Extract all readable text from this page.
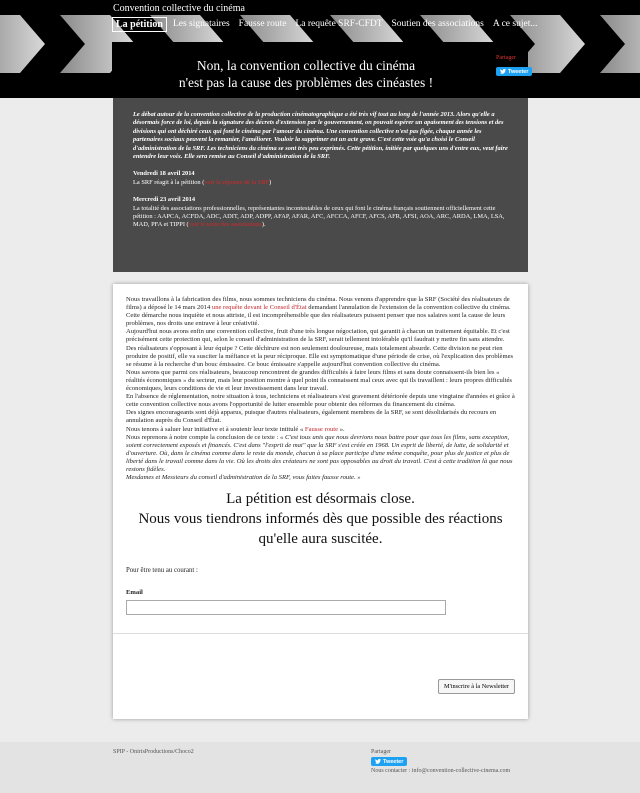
Convention collective du cinéma
La pétition	Les signataires Fausse route La requête SRF-CFDT Soutien des associations A ce sujet...
Non, la convention collective du cinéma
n'est pas la cause des problèmes des cinéastes !
Partager
Tweeter

Le débat autour de la convention collective de la production cinématographique a été très vif tout au long de l'année 2013. Alors qu'elle a désormais force de loi, depuis la signature des décrets d'extension par le gouvernement, on pouvait espérer un apaisement des tensions et des divisions qui ont déchiré ceux qui font le cinéma par l'amour du cinéma. Une convention collective n'est pas figée, chaque année les partenaires sociaux peuvent la remanier, l'améliorer. Vouloir la supprimer est un acte grave. C'est cette voie qu'a choisi le Conseil d'administration de la SRF. Les techniciens du cinéma se sont très peu exprimés. Cette pétition, initiée par quelques uns d'entre eux, veut faire entendre leur voix. Elle sera remise au Conseil d'administration de la SRF.

Vendredi 18 avril 2014
La SRF réagit à la pétition (voir la réponse de la SRF)

Mercredi 23 avril 2014
La totalité des associations professionnelles, représentantes incontestables de ceux qui font le cinéma français soutiennent officiellement cette pétition : AAPCA, ACFDA, ADC, ADIT, ADP, ADPP, AFAP, AFAR, AFC, AFCCA, AFCF, AFCS, AFR, AFSI, AOA, ARC, ARDA, LMA, LSA, MAD, PFA et TIPPI (voir le texte des associations).

Nous travaillons à la fabrication des films, nous sommes techniciens du cinéma. Nous venons d'apprendre que la SRF (Société des réalisateurs de films) a déposé le 14 mars 2014 une requête devant le Conseil d'État demandant l'annulation de l'extension de la convention collective du cinéma.

Cette démarche nous inquiète et nous attriste, il est incompréhensible que des réalisateurs puissent penser que nos salaires sont la cause de leurs problèmes, nos droits une entrave à leur créativité.

Aujourd'hui nous avons enfin une convention collective, fruit d'une très longue négociation, qui garantit à chacun un traitement équitable. Et c'est précisément cette protection qui, selon le conseil d'administration de la SRF, serait tellement intolérable qu'il faudrait y mettre fin sans attendre.

Des réalisateurs s'opposant à leur équipe ? Cette déchirure est non seulement douloureuse, mais totalement absurde. Cette division ne peut rien produire de positif, elle va susciter la méfiance et la peur réciproque. Elle est symptomatique d'une période de crise, où l'explication des problèmes se résume à la recherche d'un bouc émissaire. Ce bouc émissaire s'appelle aujourd'hui convention collective du cinéma.

Nous savons que parmi ces réalisateurs, beaucoup rencontrent de grandes difficultés à faire leurs films et sans doute connaissent-ils bien les « réalités économiques » du secteur, mais leur position montre à quel point ils connaissent mal ceux avec qui ils travaillent : leurs propres difficultés économiques, leurs conditions de vie et leur investissement dans leur travail.

En l'absence de réglementation, notre situation à tous, techniciens et réalisateurs s'est gravement détériorée depuis une vingtaine d'années et grâce à cette convention collective nous avons l'opportunité de lutter ensemble pour obtenir des réformes du financement du cinéma.

Des signes encourageants sont déjà apparus, puisque d'autres réalisateurs, également membres de la SRF, se sont désolidarisés du recours en annulation auprès du Conseil d'État.

Nous tenons à saluer leur initiative et à soutenir leur texte intitulé « Fausse route ».

Nous reprenons à notre compte la conclusion de ce texte : « C'est tous unis que nous devrions nous battre pour que tous les films, sans exception, soient correctement exposés et financés. C'est dans "l'esprit de mai" que la SRF s'est créée en 1968. Un esprit de liberté, de lutte, de solidarité et d'ouverture. Où, dans le cinéma comme dans le reste du monde, chacun à sa place participe d'une même conquête, pour plus de justice et plus de liberté dans le travail comme dans la vie. Où les droits des créateurs ne sont pas opposables au droit du travail. C'est à cette tradition là que nous restons fidèles.
Mesdames et Messieurs du conseil d'administration de la SRF, vous faites fausse route. »

La pétition est désormais close.
Nous vous tiendrons informés dès que possible des réactions
qu'elle aura suscitée.
Pour être tenu au courant :
Email
M'inscrire à la Newsletter
SPIP - OnirisProductions/Choco2	Partager
Tweeter
Nous contacter : info@convention-collective-cinema.com
